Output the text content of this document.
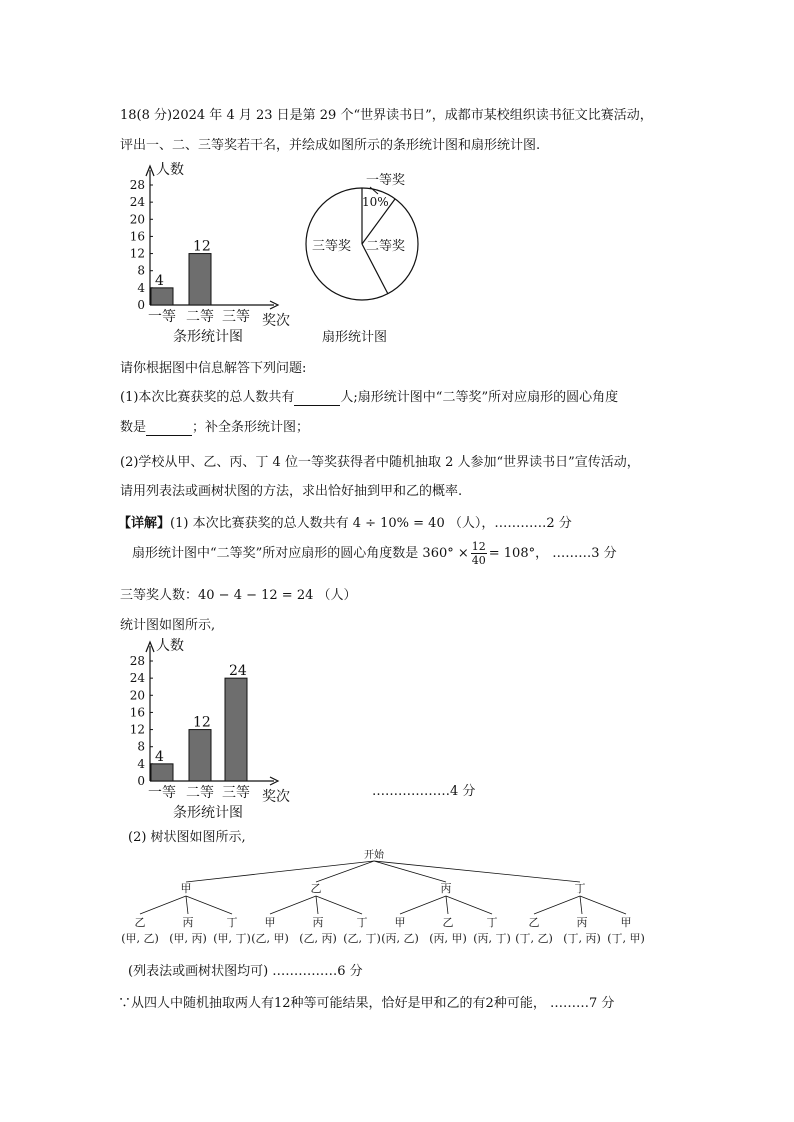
18(8 分)2024 年 4 月 23 日是第 29 个“世界读书日”，成都市某校组织读书征文比赛活动，
评出一、二、三等奖若干名，并绘成如图所示的条形统计图和扇形统计图.
人数
奖次
0
4
8
12
16
20
24
28
4
一等
12
二等 三等
条形统计图
一等奖
10%
三等奖 二等奖
扇形统计图
请你根据图中信息解答下列问题:
(1)本次比赛获奖的总人数共有	人;扇形统计图中“二等奖”所对应扇形的圆心角度
数是	；补全条形统计图；
(2)学校从甲、乙、丙、丁 4 位一等奖获得者中随机抽取 2 人参加“世界读书日”宣传活动，
请用列表法或画树状图的方法，求出恰好抽到甲和乙的概率.
【详解】(1) 本次比赛获奖的总人数共有 4 ÷ 10% = 40 （人），…………2 分
扇形统计图中“二等奖”所对应扇形的圆心角度数是 $360^\circ \times \frac{12}{40} = 108^\circ$， ………3 分
三等奖人数：40 − 4 − 12 = 24 （人）
统计图如图所示,
人数
奖次
0
4
8
12
16
20
24
28
4
一等
12
二等
24
三等
条形统计图
………………4 分
(2) 树状图如图所示,
开始
甲
乙
(甲, 乙)
丙
(甲, 丙)
丁
(甲, 丁)
乙
甲
(乙, 甲)
丙
(乙, 丙)
丁
(乙, 丁)
丙
甲
(丙, 乙)
乙
(丙, 甲)
丁
(丙, 丁)
丁
乙
(丁, 乙)
丙
(丁, 丙)
甲
(丁, 甲)
(列表法或画树状图均可) ……………6 分
∵从四人中随机抽取两人有12种等可能结果，恰好是甲和乙的有2种可能， ………7 分
